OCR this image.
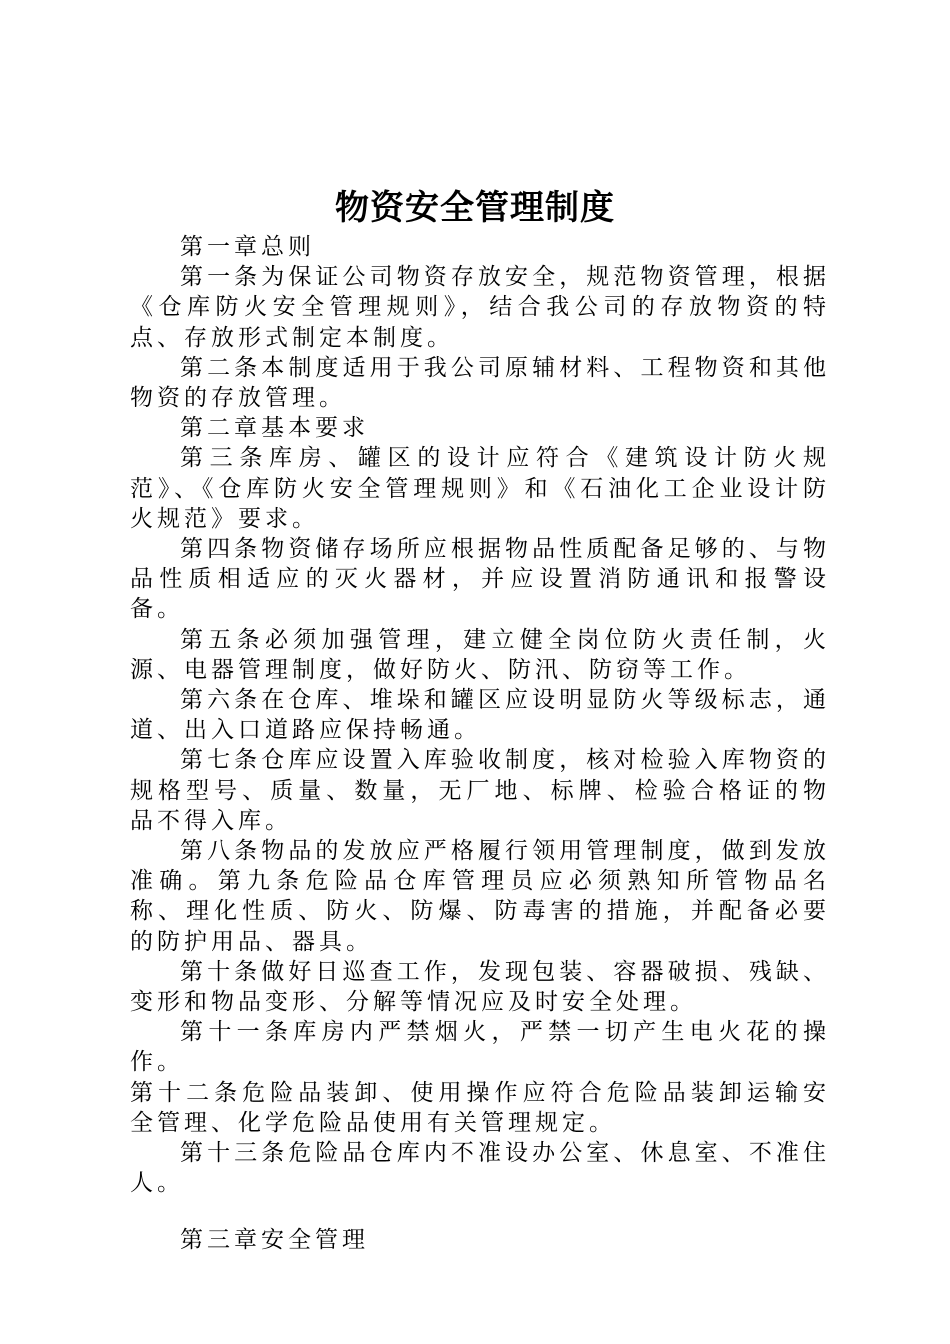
物资安全管理制度

第一章总则

第一条为保证公司物资存放安全，规范物资管理，根据《仓库防火安全管理规则》，结合我公司的存放物资的特点、存放形式制定本制度。

第二条本制度适用于我公司原辅材料、工程物资和其他物资的存放管理。

第二章基本要求

第三条库房、罐区的设计应符合《建筑设计防火规范》、《仓库防火安全管理规则》和《石油化工企业设计防火规范》要求。

第四条物资储存场所应根据物品性质配备足够的、与物品性质相适应的灭火器材，并应设置消防通讯和报警设备。

第五条必须加强管理，建立健全岗位防火责任制，火源、电器管理制度，做好防火、防汛、防窃等工作。

第六条在仓库、堆垛和罐区应设明显防火等级标志，通道、出入口道路应保持畅通。

第七条仓库应设置入库验收制度，核对检验入库物资的规格型号、质量、数量，无厂地、标牌、检验合格证的物品不得入库。

第八条物品的发放应严格履行领用管理制度，做到发放准确。第九条危险品仓库管理员应必须熟知所管物品名称、理化性质、防火、防爆、防毒害的措施，并配备必要的防护用品、器具。

第十条做好日巡查工作，发现包装、容器破损、残缺、变形和物品变形、分解等情况应及时安全处理。

第十一条库房内严禁烟火，严禁一切产生电火花的操作。

第十二条危险品装卸、使用操作应符合危险品装卸运输安全管理、化学危险品使用有关管理规定。

第十三条危险品仓库内不准设办公室、休息室、不准住人。

第三章安全管理
